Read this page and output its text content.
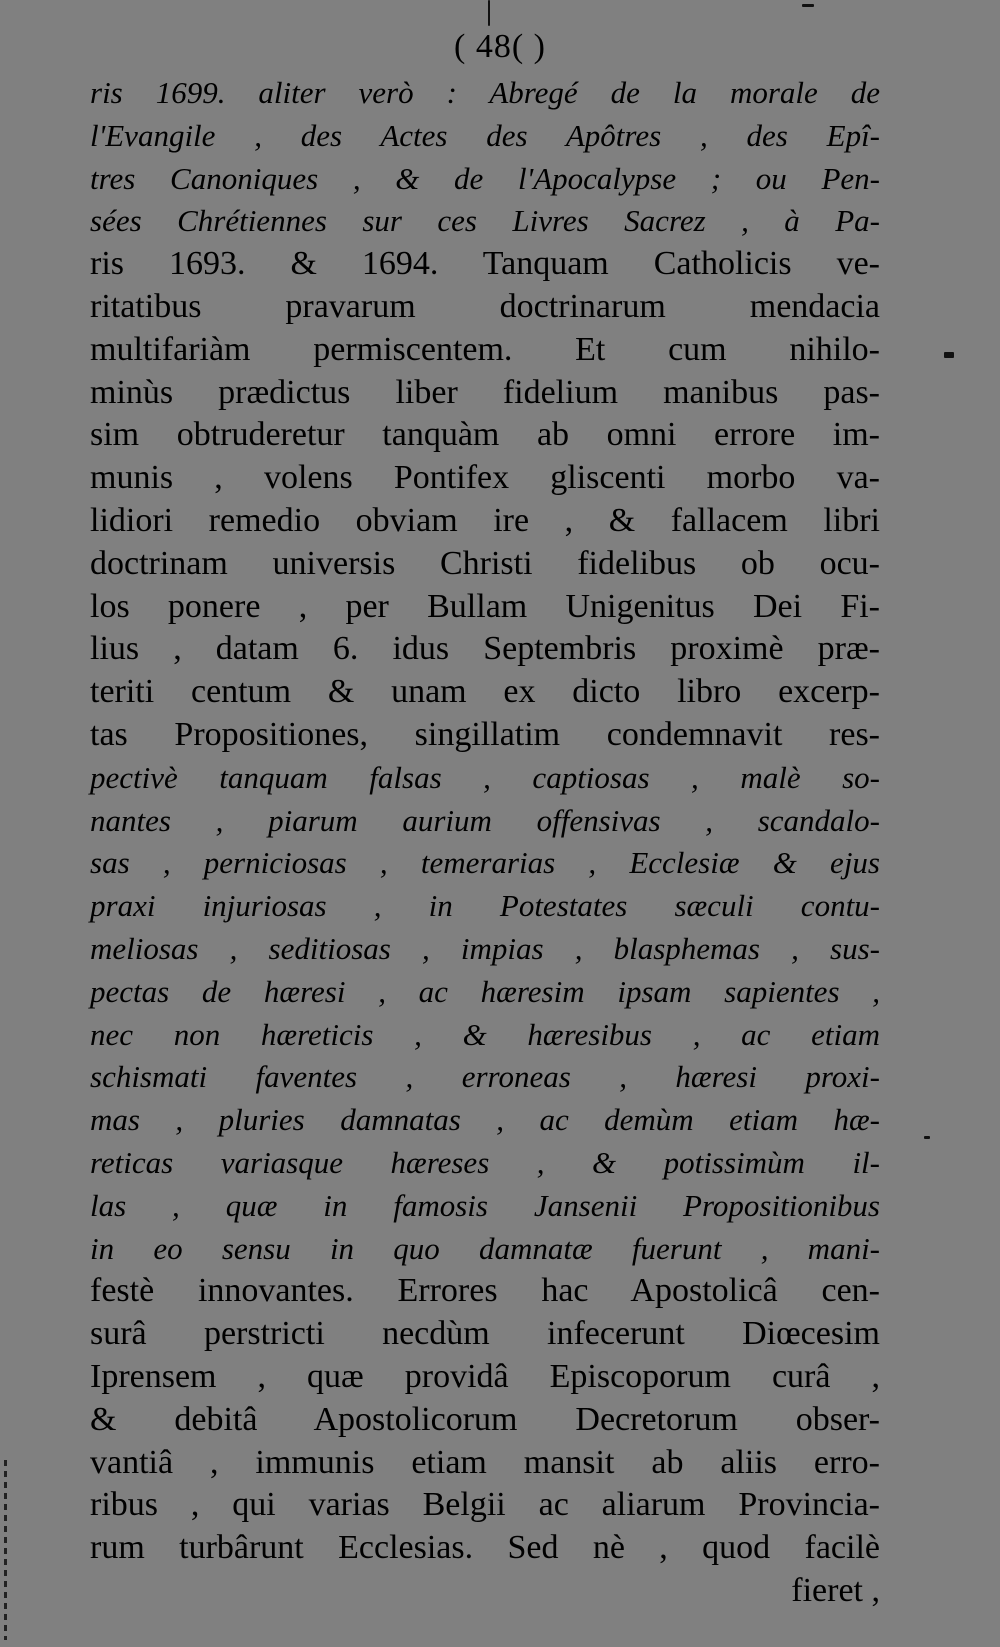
( 48( )
ris 1699. aliter verò : Abregé de la morale de
l'Evangile , des Actes des Apôtres , des Epî-
tres Canoniques , & de l'Apocalypse ; ou Pen-
sées Chrétiennes sur ces Livres Sacrez , à Pa-
ris 1693. & 1694. Tanquam Catholicis ve-
ritatibus pravarum doctrinarum mendacia
multifariàm permiscentem. Et cum nihilo-
minùs prædictus liber fidelium manibus pas-
sim obtruderetur tanquàm ab omni errore im-
munis , volens Pontifex gliscenti morbo va-
lidiori remedio obviam ire , & fallacem libri
doctrinam universis Christi fidelibus ob ocu-
los ponere , per Bullam Unigenitus Dei Fi-
lius , datam 6. idus Septembris proximè præ-
teriti centum & unam ex dicto libro excerp-
tas Propositiones, singillatim condemnavit res-
pectivè tanquam falsas , captiosas , malè so-
nantes , piarum aurium offensivas , scandalo-
sas , perniciosas , temerarias , Ecclesiæ & ejus
praxi injuriosas , in Potestates sæculi contu-
meliosas , seditiosas , impias , blasphemas , sus-
pectas de hæresi , ac hæresim ipsam sapientes ,
nec non hæreticis , & hæresibus , ac etiam
schismati faventes , erroneas , hæresi proxi-
mas , pluries damnatas , ac demùm etiam hæ-
reticas variasque hæreses , & potissimùm il-
las , quæ in famosis Jansenii Propositionibus
in eo sensu in quo damnatæ fuerunt , mani-
festè innovantes. Errores hac Apostolicâ cen-
surâ perstricti necdùm infecerunt Diœcesim
Iprensem , quæ providâ Episcoporum curâ ,
& debitâ Apostolicorum Decretorum obser-
vantiâ , immunis etiam mansit ab aliis erro-
ribus , qui varias Belgii ac aliarum Provincia-
rum turbârunt Ecclesias. Sed nè , quod facilè
fieret ,
